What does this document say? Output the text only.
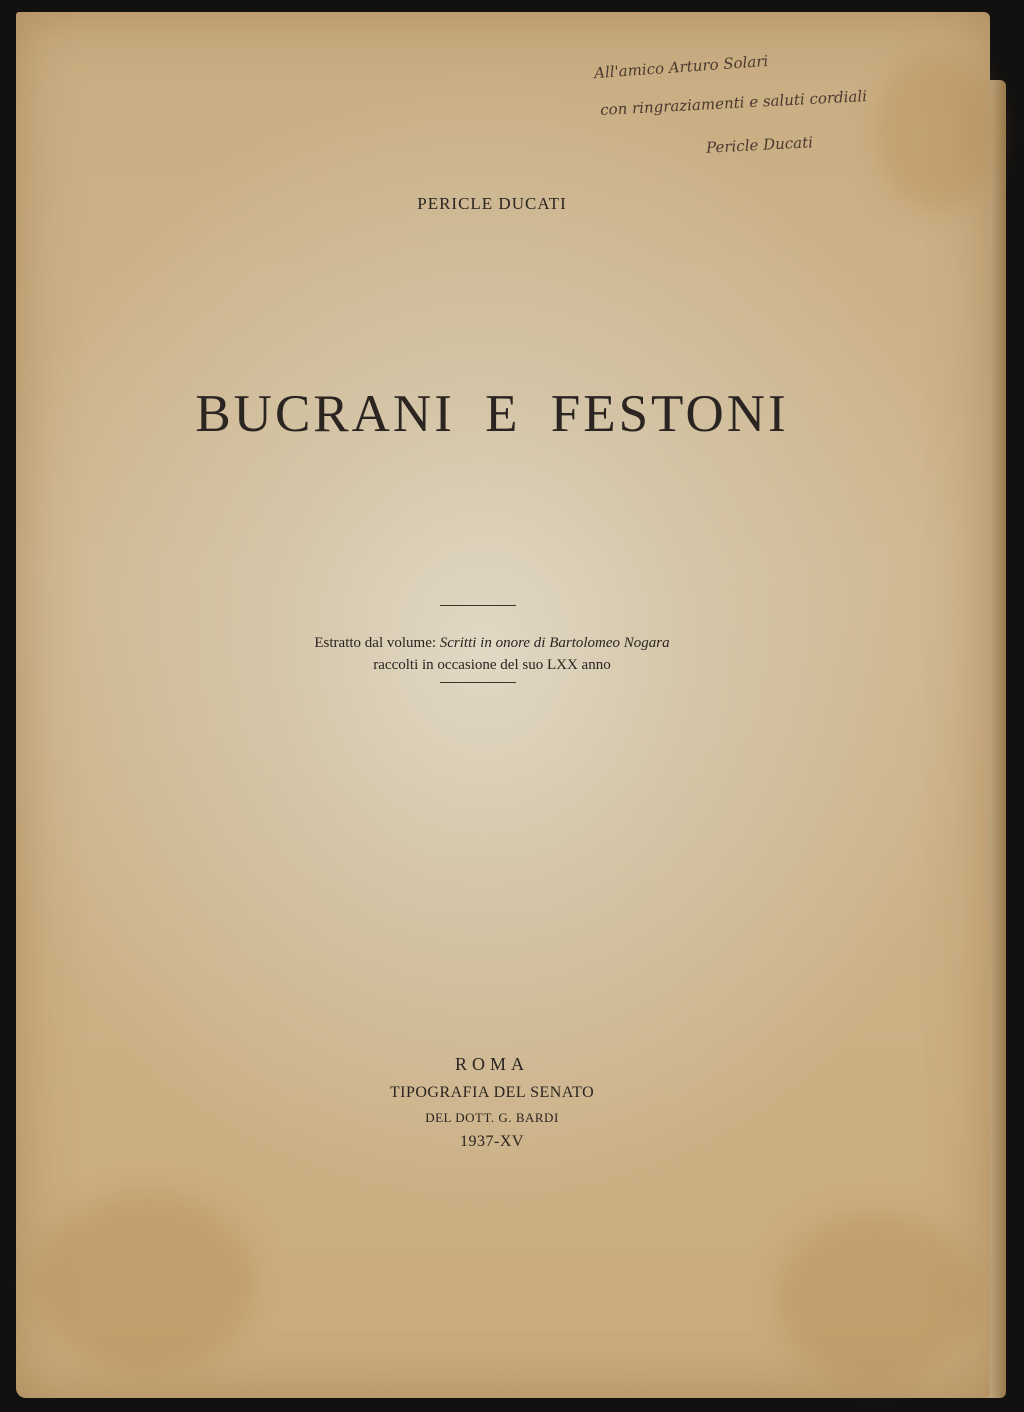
All'amico Arturo Solari
con ringraziamenti e saluti cordiali
Pericle Ducati
PERICLE DUCATI
BUCRANI E FESTONI
Estratto dal volume: Scritti in onore di Bartolomeo Nogara
raccolti in occasione del suo LXX anno
ROMA
TIPOGRAFIA DEL SENATO
DEL DOTT. G. BARDI
1937-XV
